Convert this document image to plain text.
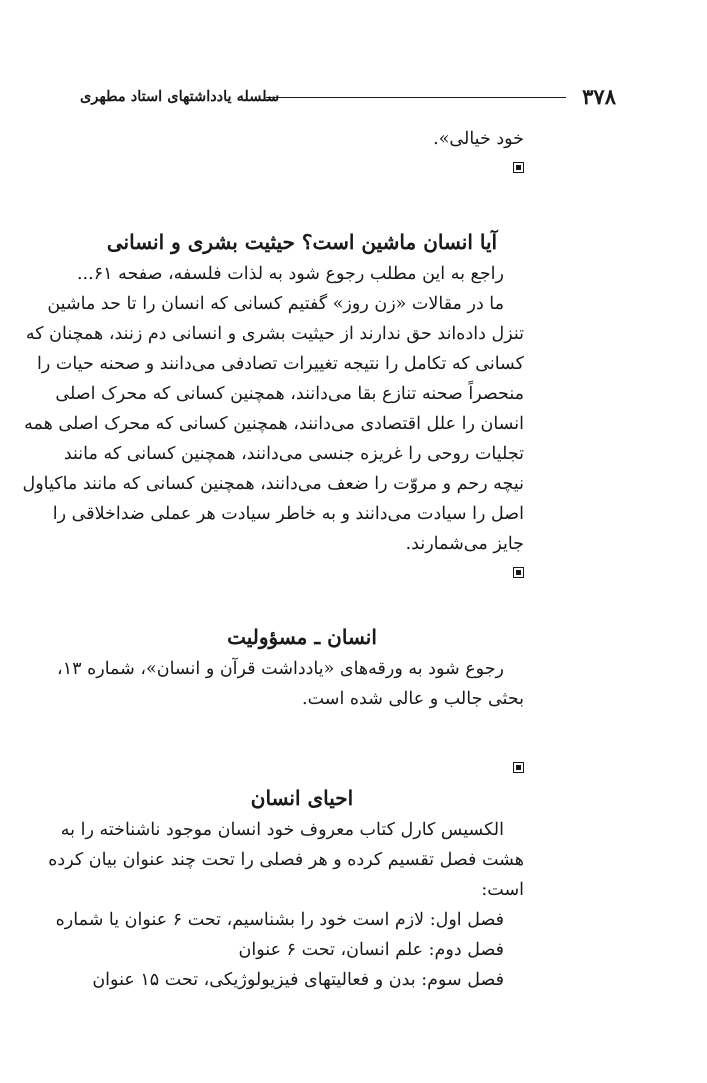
۳۷۸
سلسله یادداشتهای استاد مطهری
خود خیالی».
آیا انسان ماشین است؟ حیثیت بشری و انسانی
راجع به این مطلب رجوع شود به لذات فلسفه، صفحه ۶۱...
ما در مقالات «زن روز» گفتیم کسانی که انسان را تا حد ماشین
تنزل داده‌اند حق ندارند از حیثیت بشری و انسانی دم زنند، همچنان که
کسانی که تکامل را نتیجه تغییرات تصادفی می‌دانند و صحنه حیات را
منحصراً صحنه تنازع بقا می‌دانند، همچنین کسانی که محرک اصلی
انسان را علل اقتصادی می‌دانند، همچنین کسانی که محرک اصلی همه
تجلیات روحی را غریزه جنسی می‌دانند، همچنین کسانی که مانند
نیچه رحم و مروّت را ضعف می‌دانند، همچنین کسانی که مانند ماکیاول
اصل را سیادت می‌دانند و به خاطر سیادت هر عملی ضداخلاقی را
جایز می‌شمارند.
انسان ـ مسؤولیت
رجوع شود به ورقه‌های «یادداشت قرآن و انسان»، شماره ۱۳،
بحثی جالب و عالی شده است.
احیای انسان
الکسیس کارل کتاب معروف خود انسان موجود ناشناخته را به
هشت فصل تقسیم کرده و هر فصلی را تحت چند عنوان بیان کرده
است:
فصل اول: لازم است خود را بشناسیم، تحت ۶ عنوان یا شماره
فصل دوم: علم انسان، تحت ۶ عنوان
فصل سوم: بدن و فعالیتهای فیزیولوژیکی، تحت ۱۵ عنوان
